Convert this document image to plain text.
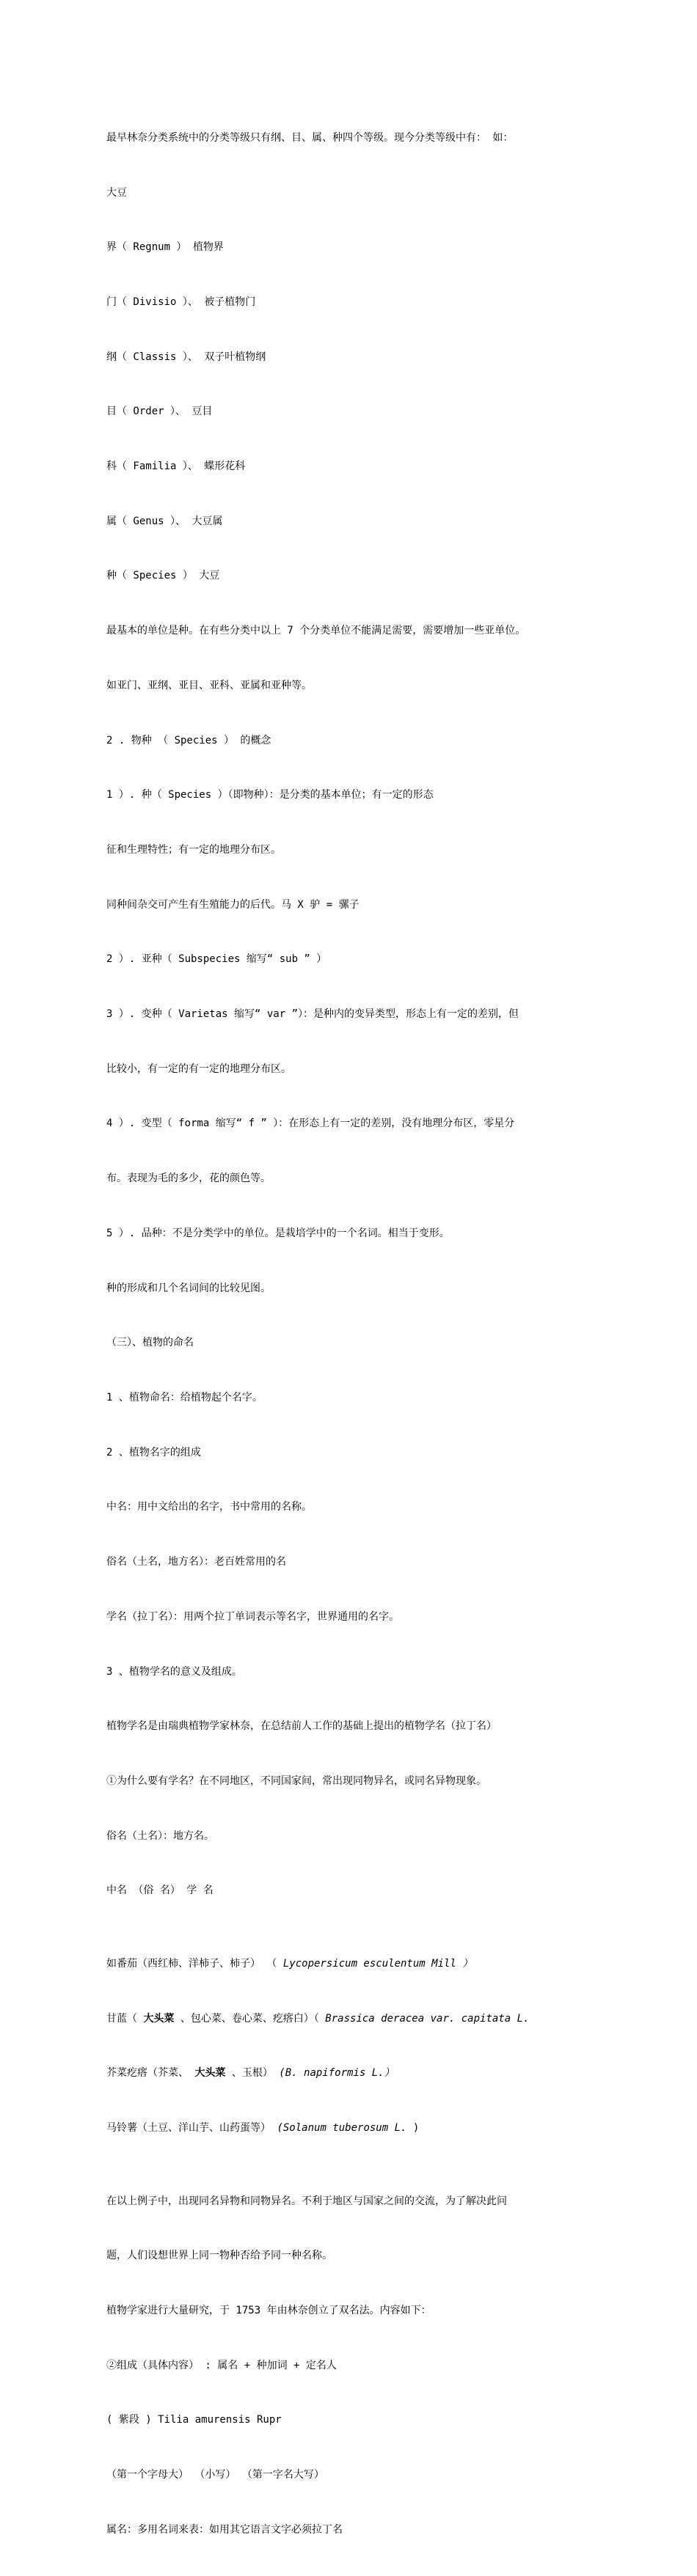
最早林奈分类系统中的分类等级只有纲、目、属、种四个等级。现今分类等级中有： 如：

大豆

界（ Regnum ） 植物界

门（ Divisio ）、 被子植物门

纲（ Classis ）、 双子叶植物纲

目（ Order ）、 豆目

科（ Familia ）、 蝶形花科

属（ Genus ）、 大豆属

种（ Species ） 大豆

最基本的单位是种。在有些分类中以上 7 个分类单位不能满足需要，需要增加一些亚单位。

如亚门、亚纲、亚目、亚科、亚属和亚种等。

2 . 物种 （ Species ） 的概念

1 ）. 种（ Species ）（即物种）：是分类的基本单位；有一定的形态

征和生理特性；有一定的地理分布区。

同种间杂交可产生有生殖能力的后代。马 X 驴 = 骡子

2 ）. 亚种（ Subspecies 缩写“ sub ” ）

3 ）. 变种（ Varietas 缩写“ var ”）：是种内的变异类型，形态上有一定的差别，但

比较小，有一定的有一定的地理分布区。

4 ）. 变型（ forma 缩写“ f ” ）：在形态上有一定的差别，没有地理分布区，零星分

布。表现为毛的多少，花的颜色等。

5 ）. 品种：不是分类学中的单位。是栽培学中的一个名词。相当于变形。

种的形成和几个名词间的比较见图。

（三）、植物的命名

1 、植物命名：给植物起个名字。

2 、植物名字的组成

中名：用中文给出的名字，书中常用的名称。

俗名（土名，地方名）：老百姓常用的名

学名（拉丁名）：用两个拉丁单词表示等名字，世界通用的名字。

3 、植物学名的意义及组成。

植物学名是由瑞典植物学家林奈，在总结前人工作的基础上提出的植物学名（拉丁名）

①为什么要有学名？在不同地区，不同国家间，常出现同物异名，或同名异物现象。

俗名（土名）：地方名。

中名 （俗 名） 学 名

如番茄（西红柿、洋柿子、柿子） （ Lycopersicum esculentum Mill ）

甘蓝（ 大头菜 、包心菜、卷心菜、疙瘩白）（ Brassica deracea var. capitata L.

芥菜疙瘩（芥菜、 大头菜 、玉根） (B. napiformis L.）

马铃薯（土豆、洋山芋、山药蛋等） (Solanum tuberosum L. )

在以上例子中，出现同名异物和同物异名。不利于地区与国家之间的交流，为了解决此问

题，人们设想世界上同一物种否给予同一种名称。

植物学家进行大量研究，于 1753 年由林奈创立了双名法。内容如下：

②组成（具体内容） : 属名 + 种加词 + 定名人

( 紫段 ) Tilia amurensis Rupr

（第一个字母大） （小写） （第一字名大写）

属名：多用名词来表：如用其它语言文字必须拉丁名
